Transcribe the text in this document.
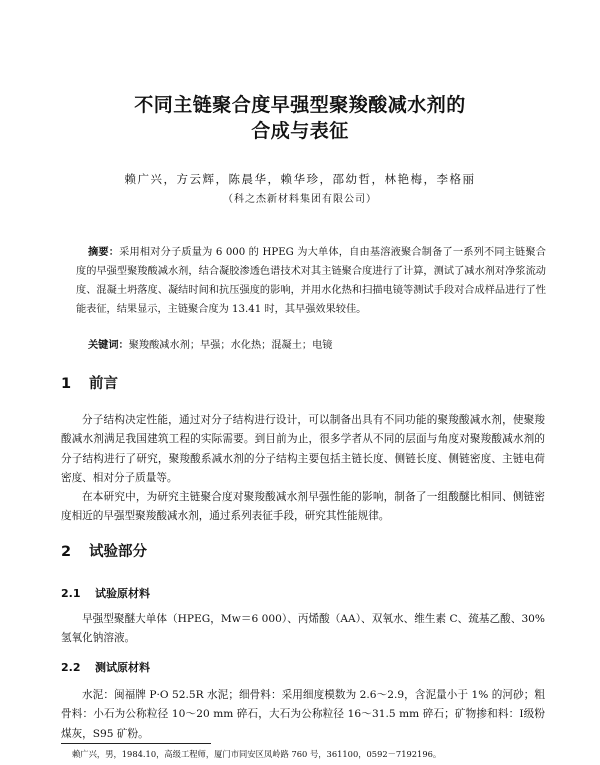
不同主链聚合度早强型聚羧酸减水剂的
合成与表征

赖广兴，方云辉，陈晨华，赖华珍，邵幼哲，林艳梅，李格丽

（科之杰新材料集团有限公司）

摘要：采用相对分子质量为 6 000 的 HPEG 为大单体，自由基溶液聚合制备了一系列不同主链聚合度的早强型聚羧酸减水剂，结合凝胶渗透色谱技术对其主链聚合度进行了计算，测试了减水剂对净浆流动度、混凝土坍落度、凝结时间和抗压强度的影响，并用水化热和扫描电镜等测试手段对合成样品进行了性能表征，结果显示，主链聚合度为 13.41 时，其早强效果较佳。

关键词：聚羧酸减水剂；早强；水化热；混凝土；电镜

1 前言

分子结构决定性能，通过对分子结构进行设计，可以制备出具有不同功能的聚羧酸减水剂，使聚羧酸减水剂满足我国建筑工程的实际需要。到目前为止，很多学者从不同的层面与角度对聚羧酸减水剂的分子结构进行了研究，聚羧酸系减水剂的分子结构主要包括主链长度、侧链长度、侧链密度、主链电荷密度、相对分子质量等。

在本研究中，为研究主链聚合度对聚羧酸减水剂早强性能的影响，制备了一组酸醚比相同、侧链密度相近的早强型聚羧酸减水剂，通过系列表征手段，研究其性能规律。

2 试验部分
2.1 试验原材料

早强型聚醚大单体（HPEG，Mw＝6 000）、丙烯酸（AA）、双氧水、维生素 C、巯基乙酸、30% 氢氧化钠溶液。

2.2 测试原材料

水泥：闽福牌 P·O 52.5R 水泥；细骨料：采用细度模数为 2.6～2.9，含泥量小于 1% 的河砂；粗骨料：小石为公称粒径 10～20 mm 碎石，大石为公称粒径 16～31.5 mm 碎石；矿物掺和料：Ⅰ级粉煤灰，S95 矿粉。

赖广兴，男，1984.10，高级工程师，厦门市同安区凤岭路 760 号，361100，0592－7192196。
